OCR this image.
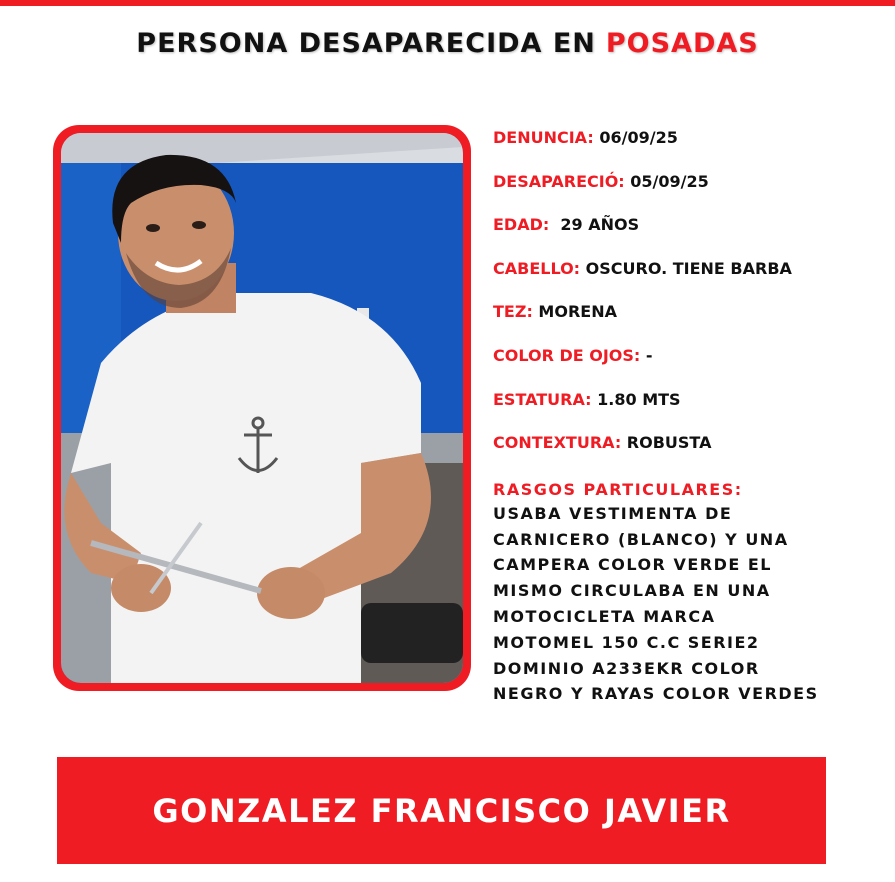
PERSONA DESAPARECIDA EN POSADAS
DENUNCIA: 06/09/25
DESAPARECIÓ: 05/09/25
EDAD: 29 AÑOS
CABELLO: OSCURO. TIENE BARBA
TEZ: MORENA
COLOR DE OJOS: -
ESTATURA: 1.80 MTS
CONTEXTURA: ROBUSTA
RASGOS PARTICULARES:
USABA VESTIMENTA DE CARNICERO (BLANCO) Y UNA CAMPERA COLOR VERDE EL MISMO CIRCULABA EN UNA MOTOCICLETA MARCA MOTOMEL 150 C.C SERIE2 DOMINIO A233EKR COLOR NEGRO Y RAYAS COLOR VERDES
GONZALEZ FRANCISCO JAVIER
